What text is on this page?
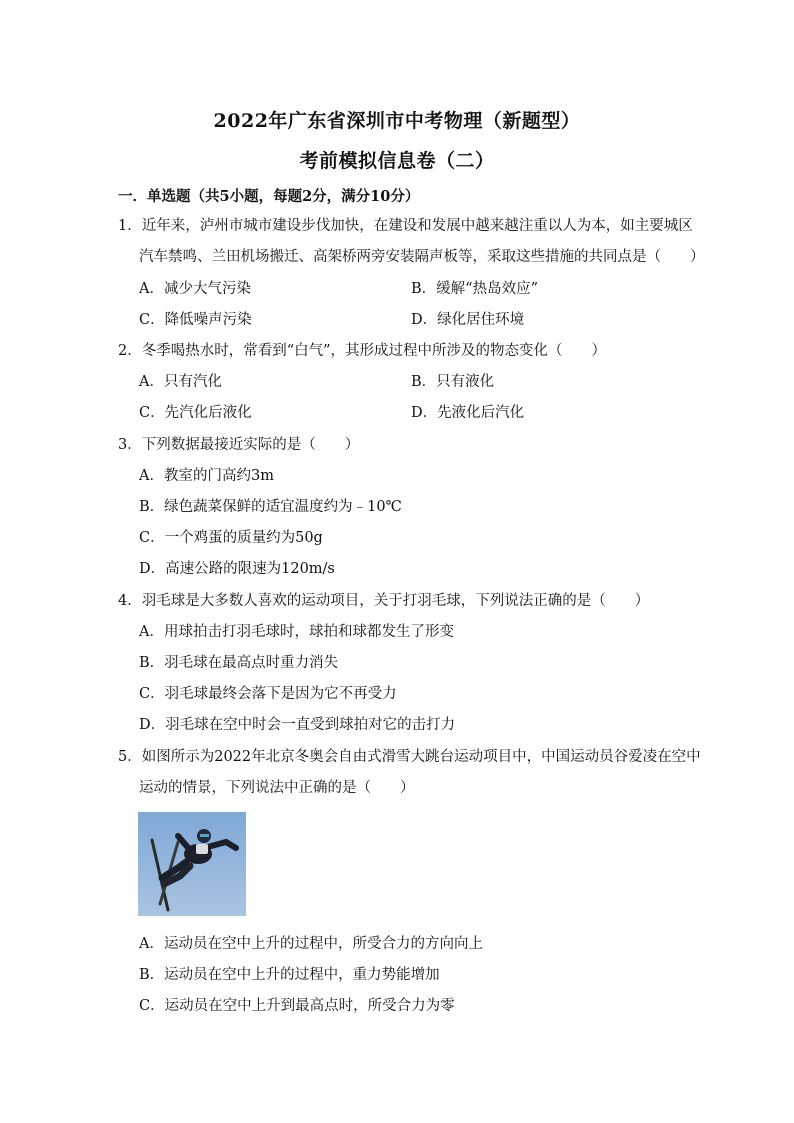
2022年广东省深圳市中考物理（新题型）
考前模拟信息卷（二）
一．单选题（共5小题，每题2分，满分10分）
1．近年来，泸州市城市建设步伐加快，在建设和发展中越来越注重以人为本，如主要城区
汽车禁鸣、兰田机场搬迁、高架桥两旁安装隔声板等，采取这些措施的共同点是（　　）
A．减少大气污染	B．缓解“热岛效应”
C．降低噪声污染	D．绿化居住环境
2．冬季喝热水时，常看到“白气”，其形成过程中所涉及的物态变化（　　）
A．只有汽化	B．只有液化
C．先汽化后液化	D．先液化后汽化
3．下列数据最接近实际的是（　　）
A．教室的门高约3m
B．绿色蔬菜保鲜的适宜温度约为﹣10℃
C．一个鸡蛋的质量约为50g
D．高速公路的限速为120m/s
4．羽毛球是大多数人喜欢的运动项目，关于打羽毛球，下列说法正确的是（　　）
A．用球拍击打羽毛球时，球拍和球都发生了形变
B．羽毛球在最高点时重力消失
C．羽毛球最终会落下是因为它不再受力
D．羽毛球在空中时会一直受到球拍对它的击打力
5．如图所示为2022年北京冬奥会自由式滑雪大跳台运动项目中，中国运动员谷爱凌在空中
运动的情景，下列说法中正确的是（　　）
A．运动员在空中上升的过程中，所受合力的方向向上
B．运动员在空中上升的过程中，重力势能增加
C．运动员在空中上升到最高点时，所受合力为零
